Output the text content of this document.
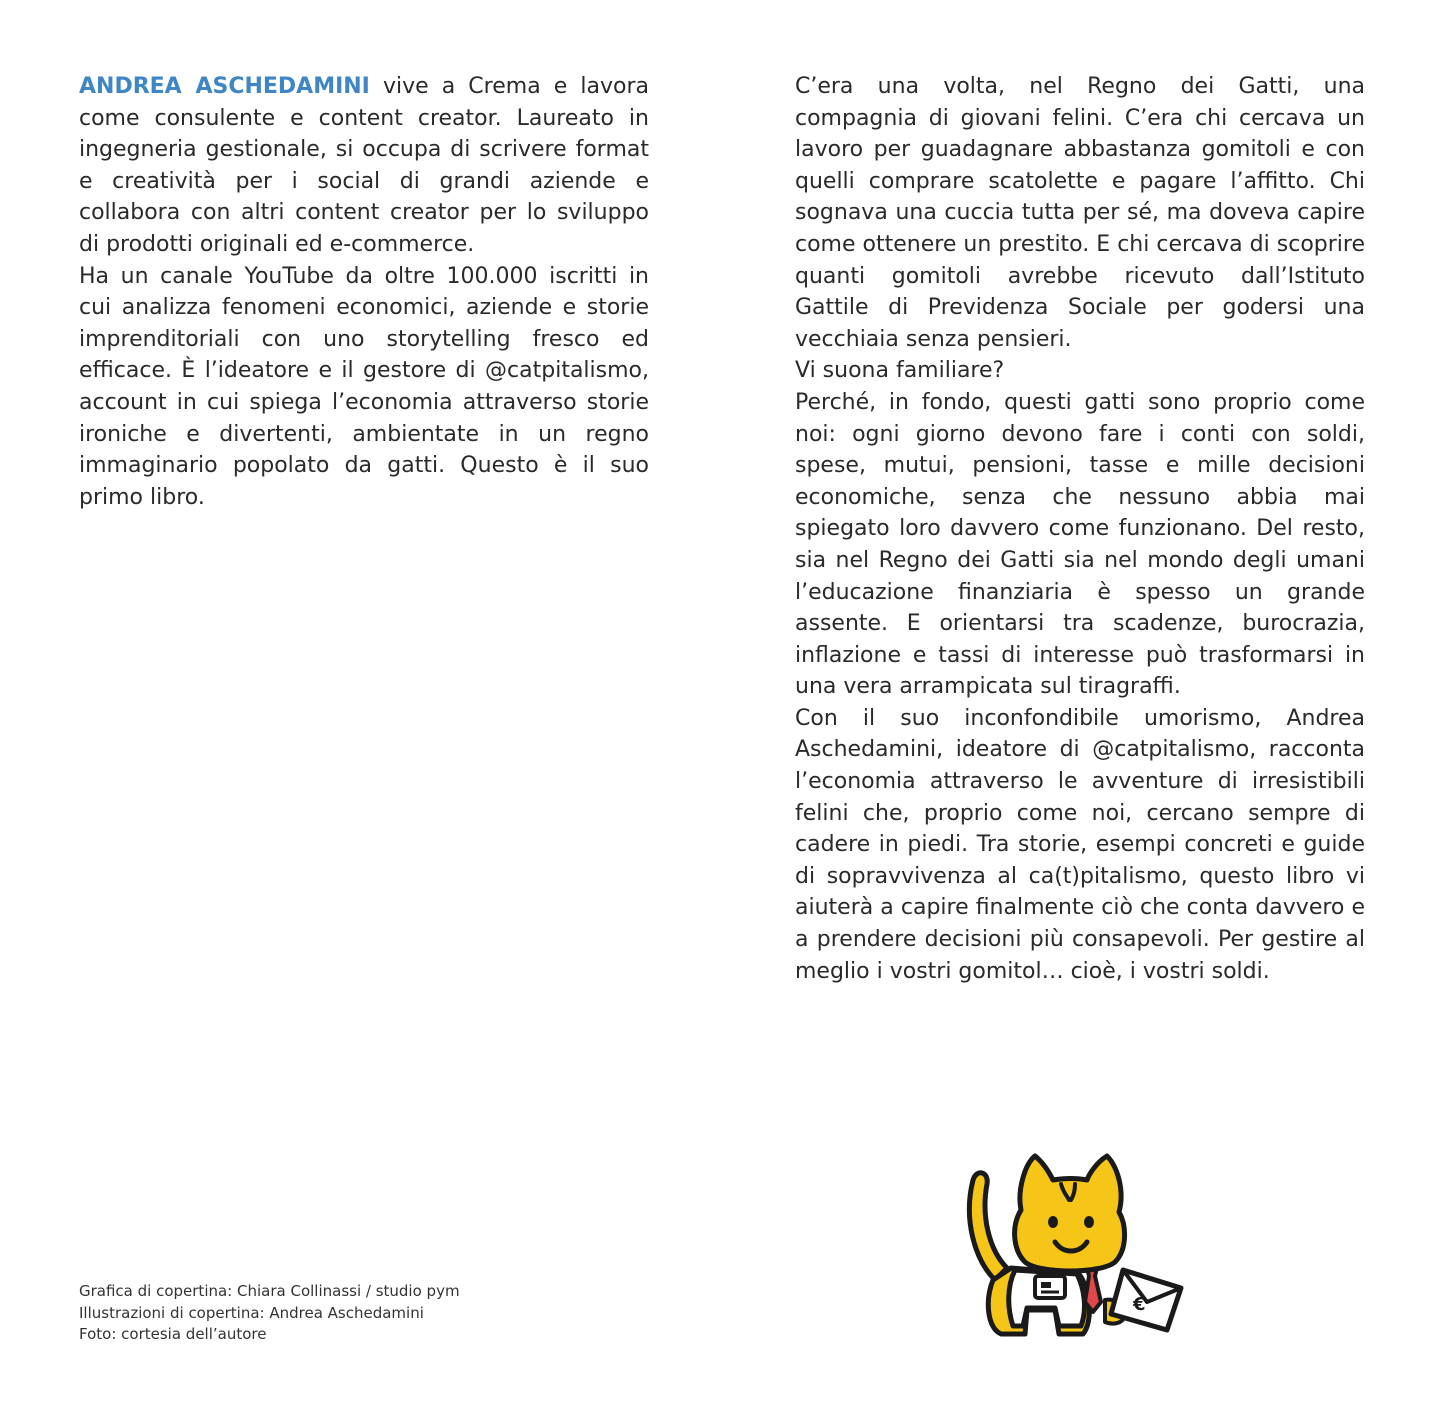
ANDREA ASCHEDAMINI vive a Crema e lavora come consulente e content creator. Laureato in ingegneria gestionale, si occupa di scrivere format e creatività per i social di grandi aziende e collabora con altri content creator per lo sviluppo di prodotti originali ed e-commerce.

Ha un canale YouTube da oltre 100.000 iscritti in cui analizza fenomeni economici, aziende e storie imprenditoriali con uno storytelling fresco ed efficace. È l’ideatore e il gestore di @catpitalismo, account in cui spiega l’economia attraverso storie ironiche e divertenti, ambientate in un regno immaginario popolato da gatti. Questo è il suo primo libro.

C’era una volta, nel Regno dei Gatti, una compagnia di giovani felini. C’era chi cercava un lavoro per guadagnare abbastanza gomitoli e con quelli comprare scatolette e pagare l’affitto. Chi sognava una cuccia tutta per sé, ma doveva capire come ottenere un prestito. E chi cercava di scoprire quanti gomitoli avrebbe ricevuto dall’Istituto Gattile di Previdenza Sociale per godersi una vecchiaia senza pensieri.

Vi suona familiare?

Perché, in fondo, questi gatti sono proprio come noi: ogni giorno devono fare i conti con soldi, spese, mutui, pensioni, tasse e mille decisioni economiche, senza che nessuno abbia mai spiegato loro davvero come funzionano. Del resto, sia nel Regno dei Gatti sia nel mondo degli umani l’educazione finanziaria è spesso un grande assente. E orientarsi tra scadenze, burocrazia, inflazione e tassi di interesse può trasformarsi in una vera arrampicata sul tiragraffi.

Con il suo inconfondibile umorismo, Andrea Aschedamini, ideatore di @catpitalismo, racconta l’economia attraverso le avventure di irresistibili felini che, proprio come noi, cercano sempre di cadere in piedi. Tra storie, esempi concreti e guide di sopravvivenza al ca(t)pitalismo, questo libro vi aiuterà a capire finalmente ciò che conta davvero e a prendere decisioni più consapevoli. Per gestire al meglio i vostri gomitol… cioè, i vostri soldi.

Grafica di copertina: Chiara Collinassi / studio pym
Illustrazioni di copertina: Andrea Aschedamini
Foto: cortesia dell’autore
€
